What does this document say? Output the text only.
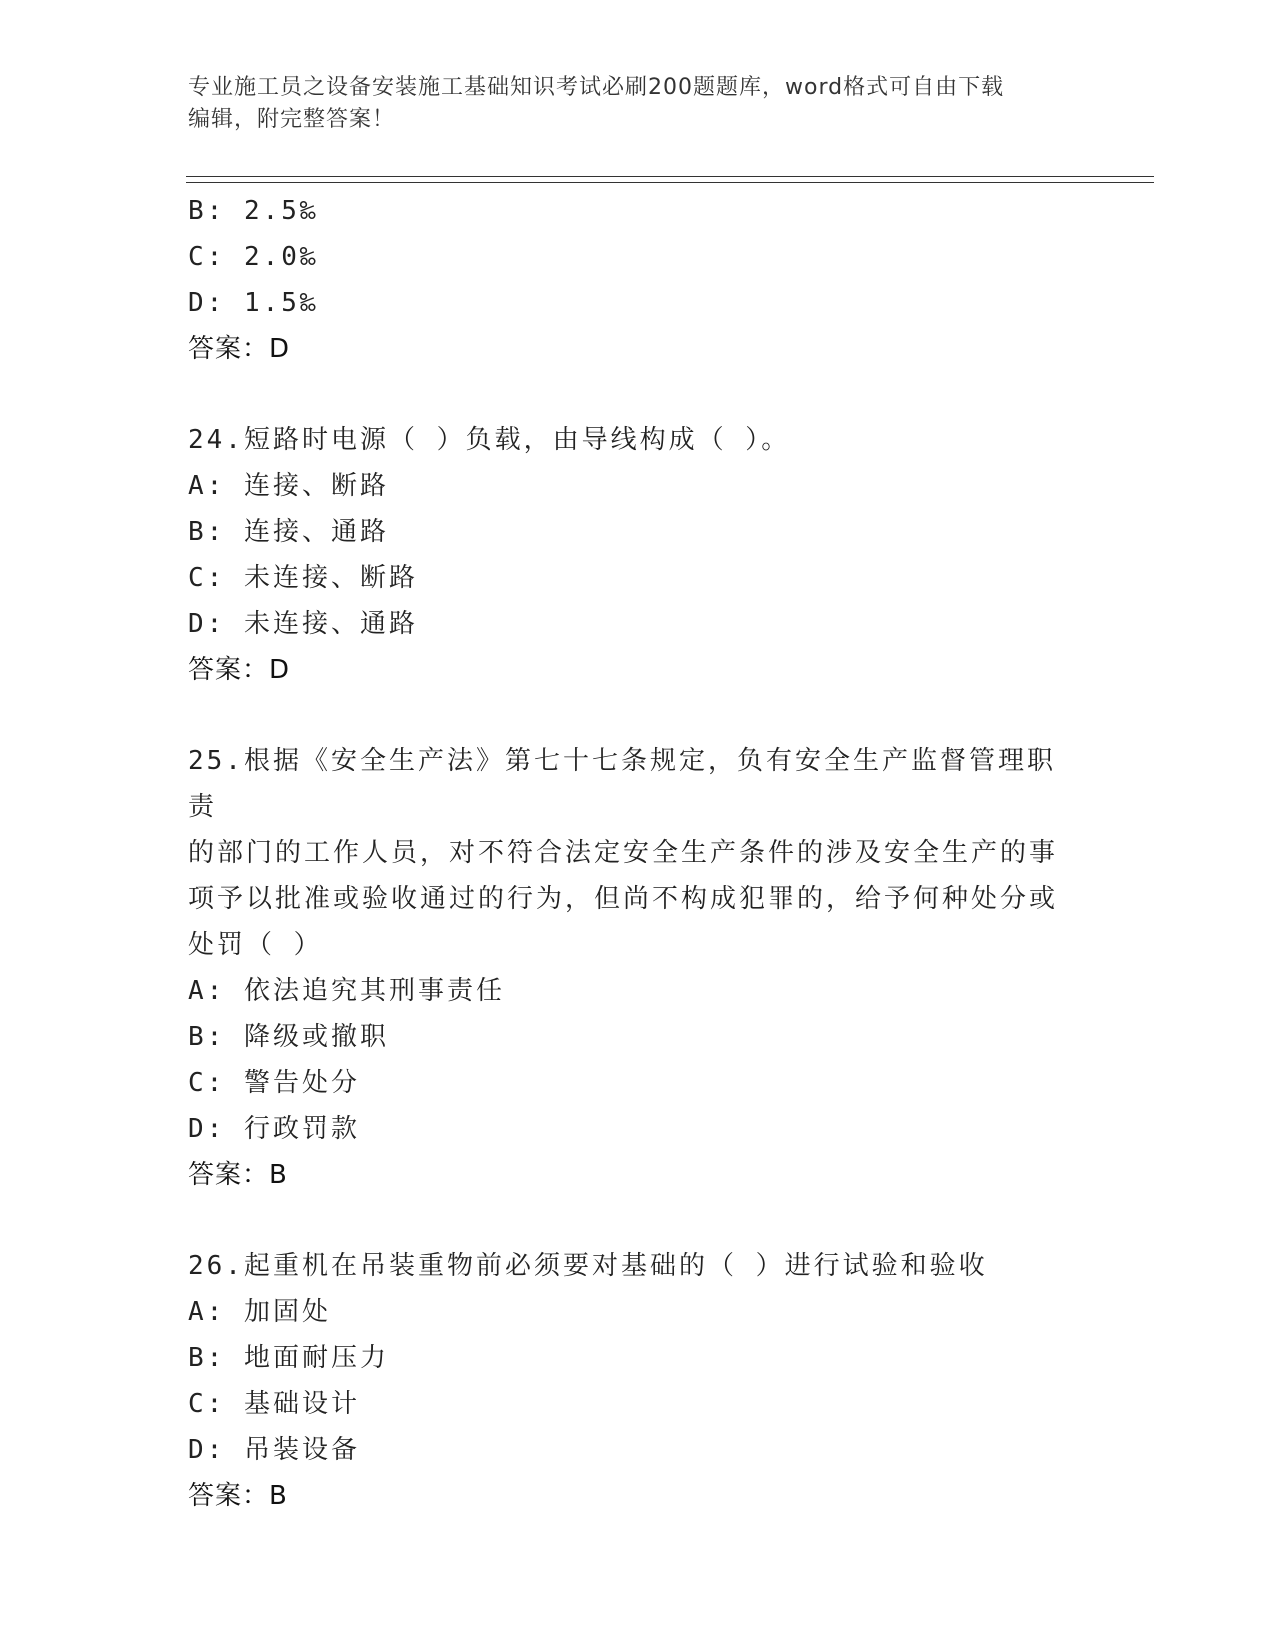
专业施工员之设备安装施工基础知识考试必刷200题题库，word格式可自由下载
编辑，附完整答案！
B: 2.5‰
C: 2.0‰
D: 1.5‰
答案：D
24.短路时电源（ ）负载，由导线构成（ ）。
A: 连接、断路
B: 连接、通路
C: 未连接、断路
D: 未连接、通路
答案：D
25.根据《安全生产法》第七十七条规定，负有安全生产监督管理职责
的部门的工作人员，对不符合法定安全生产条件的涉及安全生产的事
项予以批准或验收通过的行为，但尚不构成犯罪的，给予何种处分或
处罚（ ）
A: 依法追究其刑事责任
B: 降级或撤职
C: 警告处分
D: 行政罚款
答案：B
26.起重机在吊装重物前必须要对基础的（ ）进行试验和验收
A: 加固处
B: 地面耐压力
C: 基础设计
D: 吊装设备
答案：B
